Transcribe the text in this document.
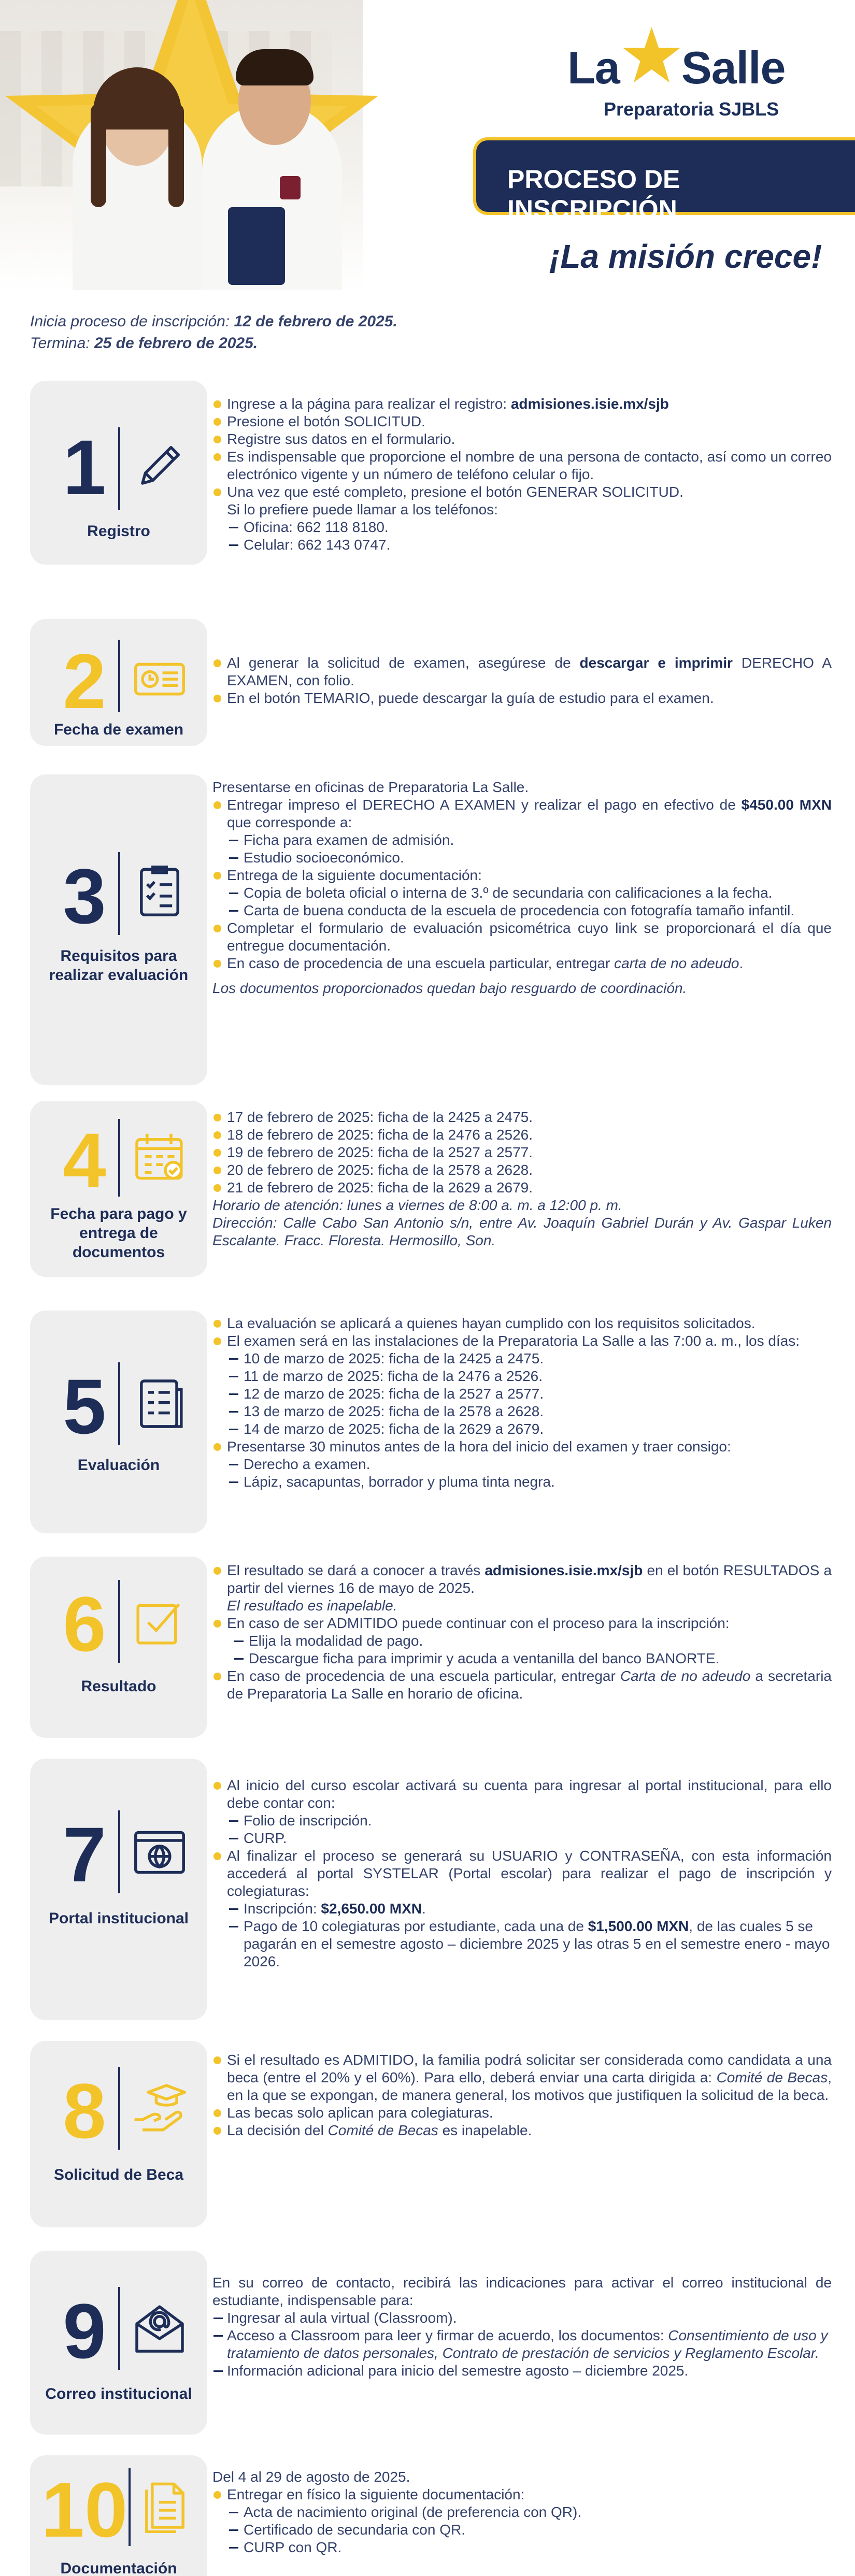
La Salle
Preparatoria SJBLS
PROCESO DE INSCRIPCIÓN
¡La misión crece!
Inicia proceso de inscripción: 12 de febrero de 2025.
Termina: 25 de febrero de 2025.
1
Registro
Ingrese a la página para realizar el registro: admisiones.isie.mx/sjb
Presione el botón SOLICITUD.
Registre sus datos en el formulario.
Es indispensable que proporcione el nombre de una persona de contacto, así como un correo electrónico vigente y un número de teléfono celular o fijo.
Una vez que esté completo, presione el botón GENERAR SOLICITUD.
Si lo prefiere puede llamar a los teléfonos:
Oficina: 662 118 8180.
Celular: 662 143 0747.
2
Fecha de examen
Al generar la solicitud de examen, asegúrese de descargar e imprimir DERECHO A EXAMEN, con folio.
En el botón TEMARIO, puede descargar la guía de estudio para el examen.
3
Requisitos para realizar evaluación
Presentarse en oficinas de Preparatoria La Salle.
Entregar impreso el DERECHO A EXAMEN y realizar el pago en efectivo de $450.00 MXN que corresponde a:
Ficha para examen de admisión.
Estudio socioeconómico.
Entrega de la siguiente documentación:
Copia de boleta oficial o interna de 3.º de secundaria con calificaciones a la fecha.
Carta de buena conducta de la escuela de procedencia con fotografía tamaño infantil.
Completar el formulario de evaluación psicométrica cuyo link se proporcionará el día que entregue documentación.
En caso de procedencia de una escuela particular, entregar carta de no adeudo.
Los documentos proporcionados quedan bajo resguardo de coordinación.
4
Fecha para pago y entrega de documentos
17 de febrero de 2025: ficha de la 2425 a 2475.
18 de febrero de 2025: ficha de la 2476 a 2526.
19 de febrero de 2025: ficha de la 2527 a 2577.
20 de febrero de 2025: ficha de la 2578 a 2628.
21 de febrero de 2025: ficha de la 2629 a 2679.
Horario de atención: lunes a viernes de 8:00 a. m. a 12:00 p. m.
Dirección: Calle Cabo San Antonio s/n, entre Av. Joaquín Gabriel Durán y Av. Gaspar Luken Escalante. Fracc. Floresta. Hermosillo, Son.
5
Evaluación
La evaluación se aplicará a quienes hayan cumplido con los requisitos solicitados.
El examen será en las instalaciones de la Preparatoria La Salle a las 7:00 a. m., los días:
10 de marzo de 2025: ficha de la 2425 a 2475.
11 de marzo de 2025: ficha de la 2476 a 2526.
12 de marzo de 2025: ficha de la 2527 a 2577.
13 de marzo de 2025: ficha de la 2578 a 2628.
14 de marzo de 2025: ficha de la 2629 a 2679.
Presentarse 30 minutos antes de la hora del inicio del examen y traer consigo:
Derecho a examen.
Lápiz, sacapuntas, borrador y pluma tinta negra.
6
Resultado
El resultado se dará a conocer a través admisiones.isie.mx/sjb en el botón RESULTADOS a partir del viernes 16 de mayo de 2025.
El resultado es inapelable.
En caso de ser ADMITIDO puede continuar con el proceso para la inscripción:
Elija la modalidad de pago.
Descargue ficha para imprimir y acuda a ventanilla del banco BANORTE.
En caso de procedencia de una escuela particular, entregar Carta de no adeudo a secretaria de Preparatoria La Salle en horario de oficina.
7
Portal institucional
Al inicio del curso escolar activará su cuenta para ingresar al portal institucional, para ello debe contar con:
Folio de inscripción.
CURP.
Al finalizar el proceso se generará su USUARIO y CONTRASEÑA, con esta información accederá al portal SYSTELAR (Portal escolar) para realizar el pago de inscripción y colegiaturas:
Inscripción: $2,650.00 MXN.
Pago de 10 colegiaturas por estudiante, cada una de $1,500.00 MXN, de las cuales 5 se pagarán en el semestre agosto – diciembre 2025 y las otras 5 en el semestre enero - mayo 2026.
8
Solicitud de Beca
Si el resultado es ADMITIDO, la familia podrá solicitar ser considerada como candidata a una beca (entre el 20% y el 60%). Para ello, deberá enviar una carta dirigida a: Comité de Becas, en la que se expongan, de manera general, los motivos que justifiquen la solicitud de la beca.
Las becas solo aplican para colegiaturas.
La decisión del Comité de Becas es inapelable.
9
Correo institucional
En su correo de contacto, recibirá las indicaciones para activar el correo institucional de estudiante, indispensable para:
Ingresar al aula virtual (Classroom).
Acceso a Classroom para leer y firmar de acuerdo, los documentos: Consentimiento de uso y tratamiento de datos personales, Contrato de prestación de servicios y Reglamento Escolar.
Información adicional para inicio del semestre agosto – diciembre 2025.
10
Documentación
Del 4 al 29 de agosto de 2025.
Entregar en físico la siguiente documentación:
Acta de nacimiento original (de preferencia con QR).
Certificado de secundaria con QR.
CURP con QR.
